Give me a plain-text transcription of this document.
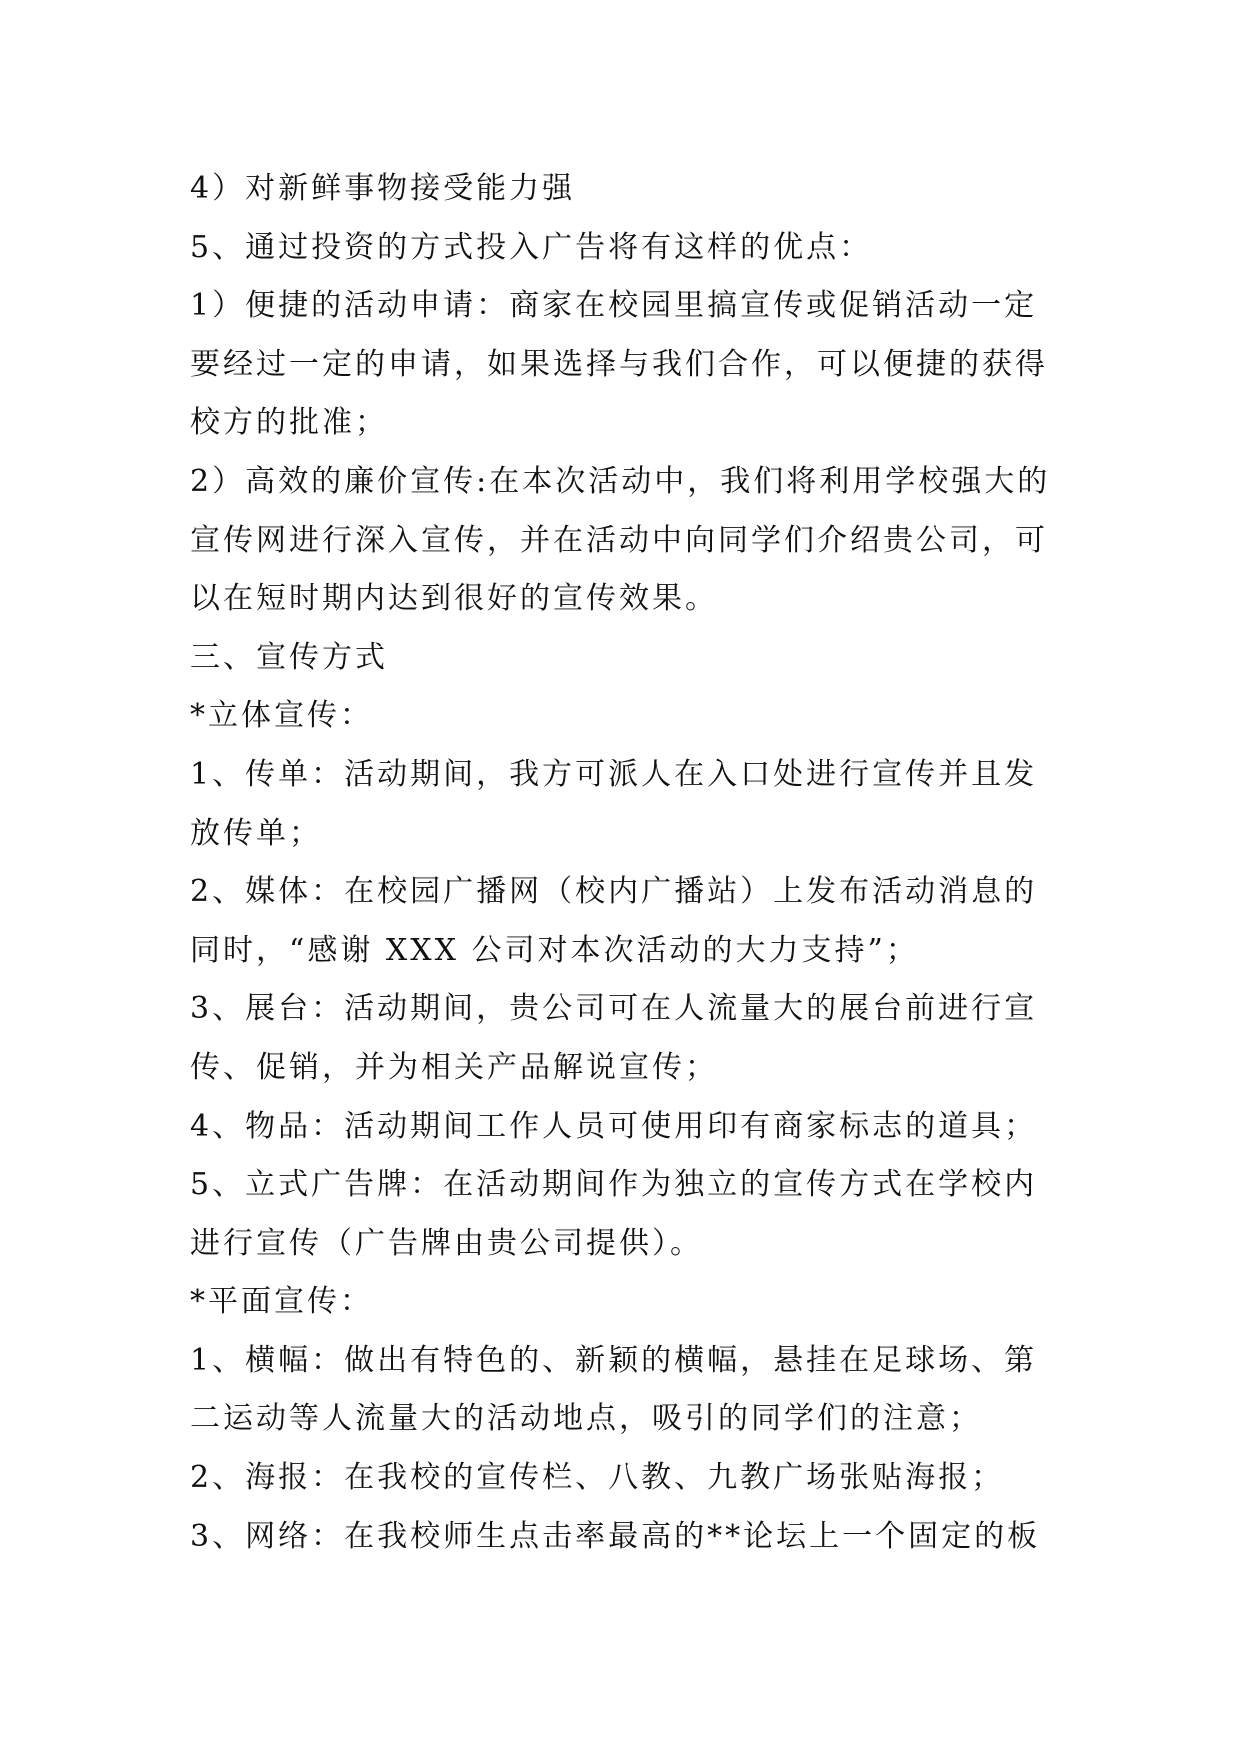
4）对新鲜事物接受能力强

5、通过投资的方式投入广告将有这样的优点：

1）便捷的活动申请：商家在校园里搞宣传或促销活动一定

要经过一定的申请，如果选择与我们合作，可以便捷的获得

校方的批准；

2）高效的廉价宣传:在本次活动中，我们将利用学校强大的

宣传网进行深入宣传，并在活动中向同学们介绍贵公司，可

以在短时期内达到很好的宣传效果。

三、宣传方式

*立体宣传：

1、传单：活动期间，我方可派人在入口处进行宣传并且发

放传单；

2、媒体：在校园广播网（校内广播站）上发布活动消息的

同时，“感谢 XXX 公司对本次活动的大力支持”；

3、展台：活动期间，贵公司可在人流量大的展台前进行宣

传、促销，并为相关产品解说宣传；

4、物品：活动期间工作人员可使用印有商家标志的道具；

5、立式广告牌：在活动期间作为独立的宣传方式在学校内

进行宣传（广告牌由贵公司提供）。

*平面宣传：

1、横幅：做出有特色的、新颖的横幅，悬挂在足球场、第

二运动等人流量大的活动地点，吸引的同学们的注意；

2、海报：在我校的宣传栏、八教、九教广场张贴海报；

3、网络：在我校师生点击率最高的**论坛上一个固定的板
